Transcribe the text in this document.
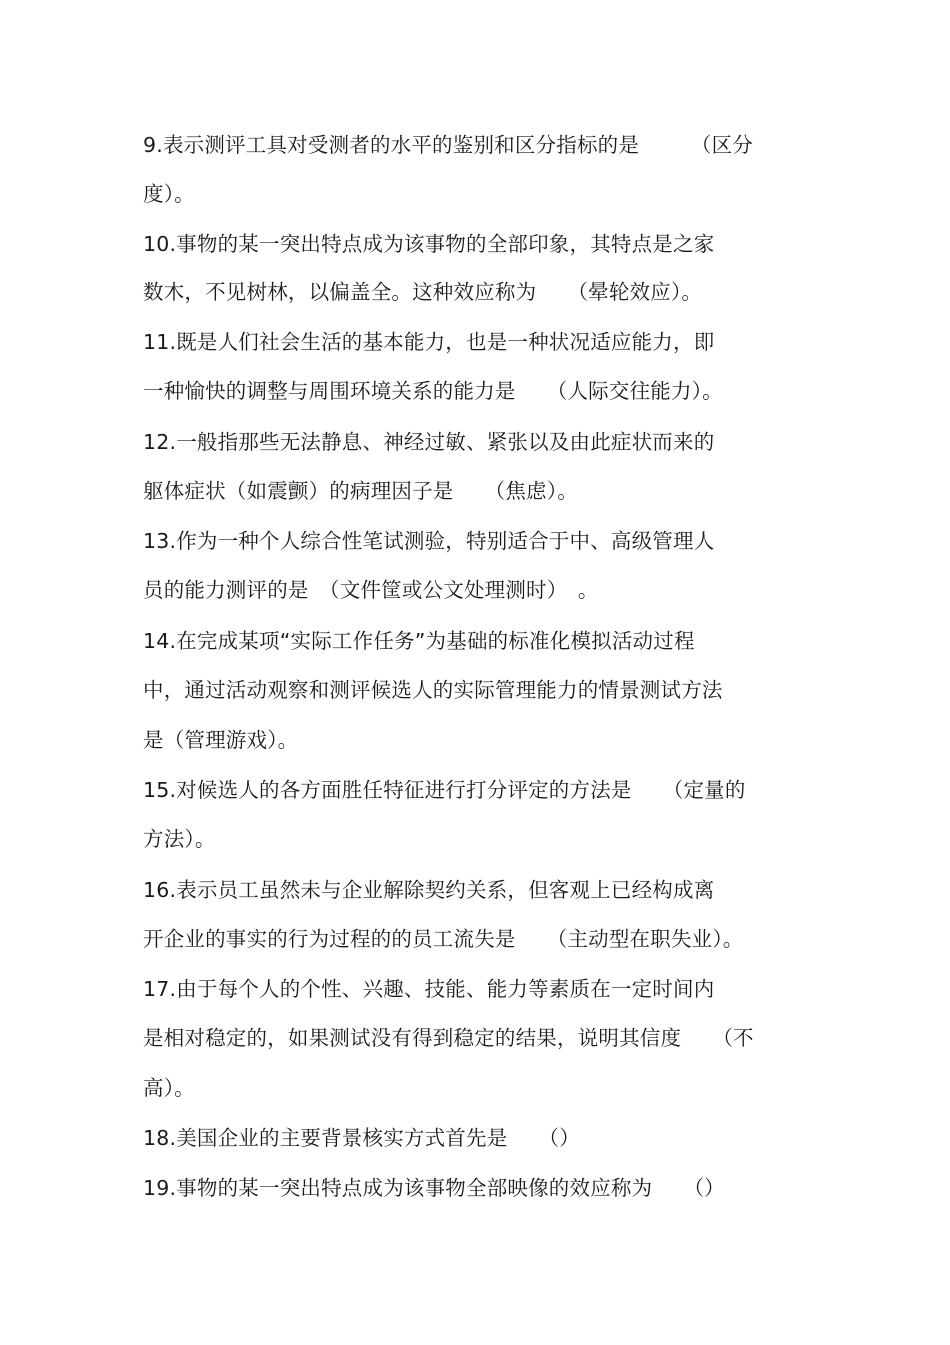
9.表示测评工具对受测者的水平的鉴别和区分指标的是　　　（区分
度）。
10.事物的某一突出特点成为该事物的全部印象，其特点是之家
数木，不见树林，以偏盖全。这种效应称为　　（晕轮效应）。
11.既是人们社会生活的基本能力，也是一种状况适应能力，即
一种愉快的调整与周围环境关系的能力是　　（人际交往能力）。
12.一般指那些无法静息、神经过敏、紧张以及由此症状而来的
躯体症状（如震颤）的病理因子是　　（焦虑）。
13.作为一种个人综合性笔试测验，特别适合于中、高级管理人
员的能力测评的是　（文件筐或公文处理测时）　。
14.在完成某项“实际工作任务”为基础的标准化模拟活动过程
中，通过活动观察和测评候选人的实际管理能力的情景测试方法
是（管理游戏）。
15.对候选人的各方面胜任特征进行打分评定的方法是　　（定量的
方法）。
16.表示员工虽然未与企业解除契约关系，但客观上已经构成离
开企业的事实的行为过程的的员工流失是　　（主动型在职失业）。
17.由于每个人的个性、兴趣、技能、能力等素质在一定时间内
是相对稳定的，如果测试没有得到稳定的结果，说明其信度　　（不
高）。
18.美国企业的主要背景核实方式首先是　　（）
19.事物的某一突出特点成为该事物全部映像的效应称为　　（）
